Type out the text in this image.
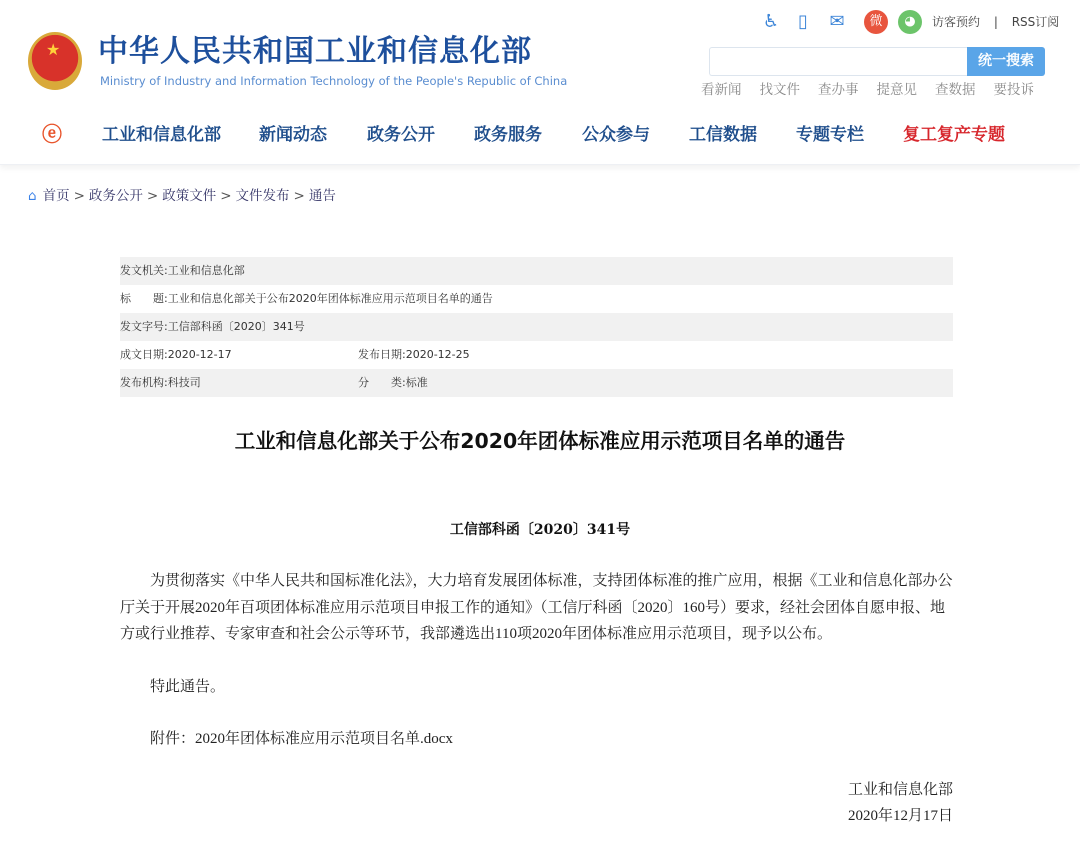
★ 中华人民共和国工业和信息化部
Ministry of Industry and Information Technology of the People's Republic of China
♿	▯	✉	微	◕	访客预约 | RSS订阅
统一搜索
看新闻 找文件 查办事 提意见 查数据 要投诉
ⓔ	工业和信息化部 新闻动态 政务公开 政务服务 公众参与 工信数据 专题专栏 复工复产专题
⌂ 首页 > 政务公开 > 政策文件 > 文件发布 > 通告
发文机关: 工业和信息化部
标　　题: 工业和信息化部关于公布2020年团体标准应用示范项目名单的通告
发文字号: 工信部科函〔2020〕341号
成文日期:2020-12-17	发布日期:2020-12-25
发布机构:科技司	分　　类:标准
工业和信息化部关于公布2020年团体标准应用示范项目名单的通告
工信部科函〔2020〕341号
为贯彻落实《中华人民共和国标准化法》，大力培育发展团体标准，支持团体标准的推广应用，根据《工业和信息化部办公厅关于开展2020年百项团体标准应用示范项目申报工作的通知》（工信厅科函〔2020〕160号）要求，经社会团体自愿申报、地方或行业推荐、专家审查和社会公示等环节，我部遴选出110项2020年团体标准应用示范项目，现予以公布。
特此通告。
附件：2020年团体标准应用示范项目名单.docx
工业和信息化部
2020年12月17日
